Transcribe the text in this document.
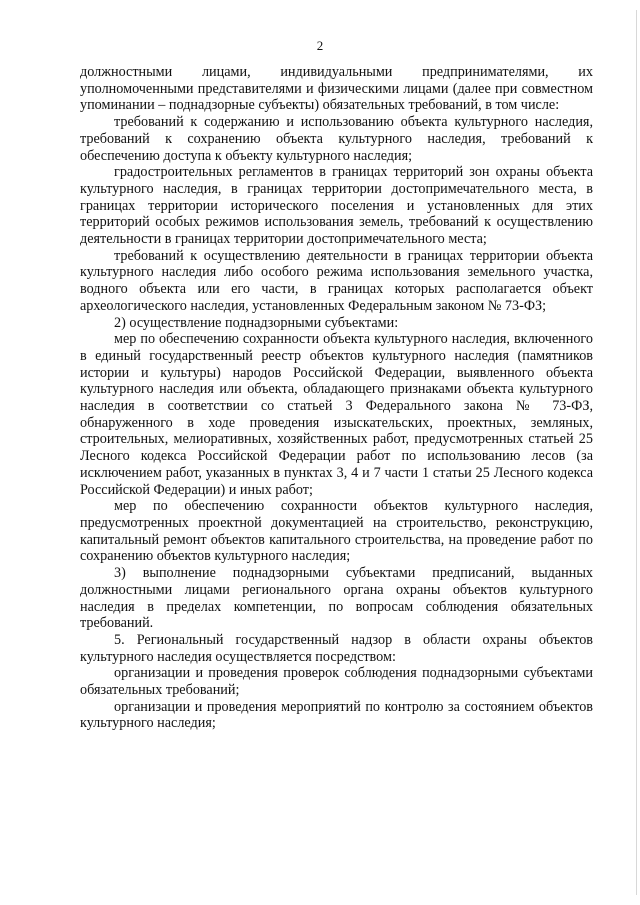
2

должностными лицами, индивидуальными предпринимателями, их уполномоченными представителями и физическими лицами (далее при совместном упоминании – поднадзорные субъекты) обязательных требований, в том числе:

требований к содержанию и использованию объекта культурного наследия, требований к сохранению объекта культурного наследия, требований к обеспечению доступа к объекту культурного наследия;

градостроительных регламентов в границах территорий зон охраны объекта культурного наследия, в границах территории достопримечательного места, в границах территории исторического поселения и установленных для этих территорий особых режимов использования земель, требований к осуществлению деятельности в границах территории достопримечательного места;

требований к осуществлению деятельности в границах территории объекта культурного наследия либо особого режима использования земельного участка, водного объекта или его части, в границах которых располагается объект археологического наследия, установленных Федеральным законом № 73-ФЗ;

2) осуществление поднадзорными субъектами:

мер по обеспечению сохранности объекта культурного наследия, включенного в единый государственный реестр объектов культурного наследия (памятников истории и культуры) народов Российской Федерации, выявленного объекта культурного наследия или объекта, обладающего признаками объекта культурного наследия в соответствии со статьей 3 Федерального закона № 73-ФЗ, обнаруженного в ходе проведения изыскательских, проектных, земляных, строительных, мелиоративных, хозяйственных работ, предусмотренных статьей 25 Лесного кодекса Российской Федерации работ по использованию лесов (за исключением работ, указанных в пунктах 3, 4 и 7 части 1 статьи 25 Лесного кодекса Российской Федерации) и иных работ;

мер по обеспечению сохранности объектов культурного наследия, предусмотренных проектной документацией на строительство, реконструкцию, капитальный ремонт объектов капитального строительства, на проведение работ по сохранению объектов культурного наследия;

3) выполнение поднадзорными субъектами предписаний, выданных должностными лицами регионального органа охраны объектов культурного наследия в пределах компетенции, по вопросам соблюдения обязательных требований.

5. Региональный государственный надзор в области охраны объектов культурного наследия осуществляется посредством:

организации и проведения проверок соблюдения поднадзорными субъектами обязательных требований;

организации и проведения мероприятий по контролю за состоянием объектов культурного наследия;
